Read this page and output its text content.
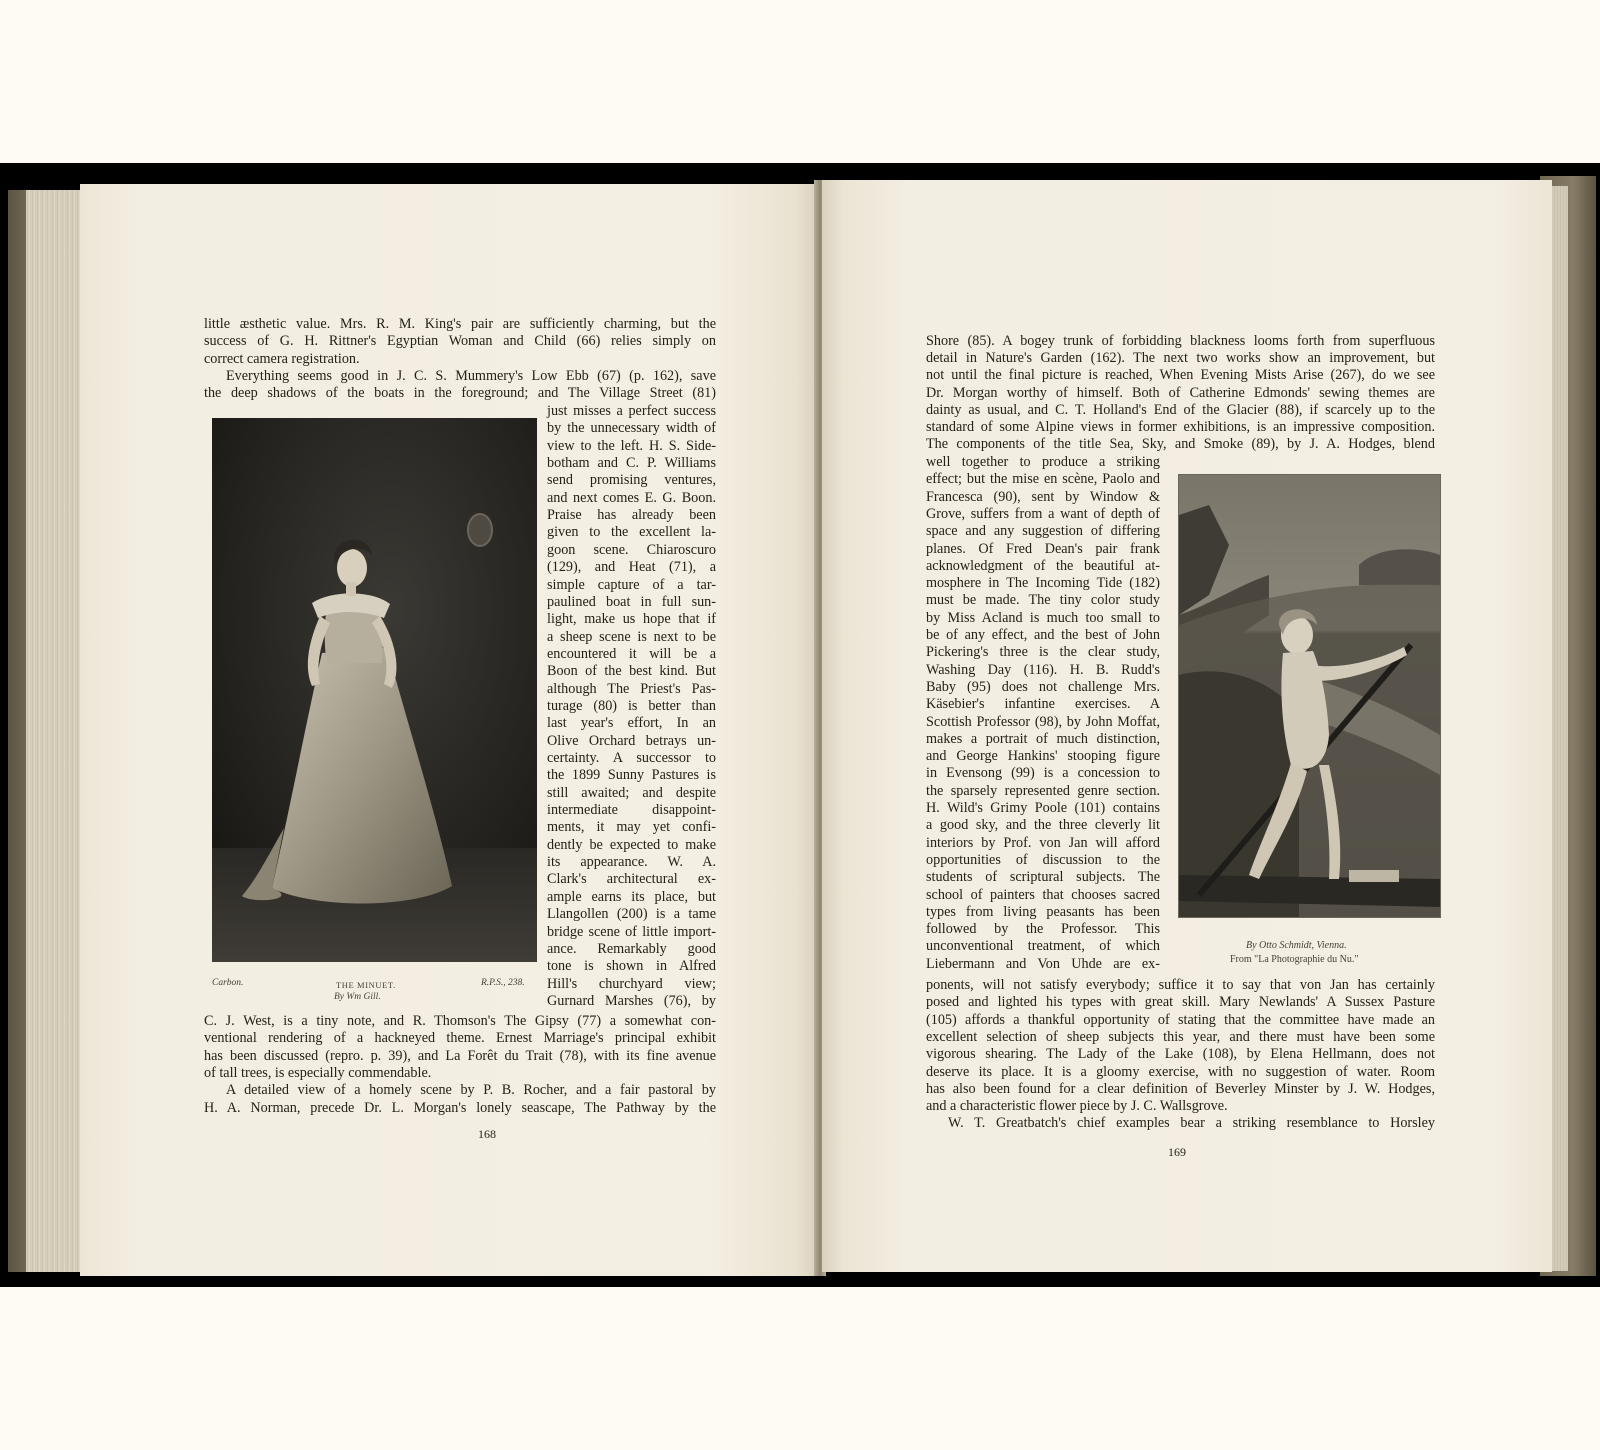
little æsthetic value. Mrs. R. M. King's pair are sufficiently charming, but the
success of G. H. Rittner's Egyptian Woman and Child (66) relies simply on
correct camera registration.
Everything seems good in J. C. S. Mummery's Low Ebb (67) (p. 162), save
the deep shadows of the boats in the foreground; and The Village Street (81)
just misses a perfect success
by the unnecessary width of
view to the left. H. S. Side-
botham and C. P. Williams
send promising ventures,
and next comes E. G. Boon.
Praise has already been
given to the excellent la-
goon scene. Chiaroscuro
(129), and Heat (71), a
simple capture of a tar-
paulined boat in full sun-
light, make us hope that if
a sheep scene is next to be
encountered it will be a
Boon of the best kind. But
although The Priest's Pas-
turage (80) is better than
last year's effort, In an
Olive Orchard betrays un-
certainty. A successor to
the 1899 Sunny Pastures is
still awaited; and despite
intermediate disappoint-
ments, it may yet confi-
dently be expected to make
its appearance. W. A.
Clark's architectural ex-
ample earns its place, but
Llangollen (200) is a tame
bridge scene of little import-
ance. Remarkably good
tone is shown in Alfred
Hill's churchyard view;
Gurnard Marshes (76), by
C. J. West, is a tiny note, and R. Thomson's The Gipsy (77) a somewhat con-
ventional rendering of a hackneyed theme. Ernest Marriage's principal exhibit
has been discussed (repro. p. 39), and La Forêt du Trait (78), with its fine avenue
of tall trees, is especially commendable.
A detailed view of a homely scene by P. B. Rocher, and a fair pastoral by
H. A. Norman, precede Dr. L. Morgan's lonely seascape, The Pathway by the
Shore (85). A bogey trunk of forbidding blackness looms forth from superfluous
detail in Nature's Garden (162). The next two works show an improvement, but
not until the final picture is reached, When Evening Mists Arise (267), do we see
Dr. Morgan worthy of himself. Both of Catherine Edmonds' sewing themes are
dainty as usual, and C. T. Holland's End of the Glacier (88), if scarcely up to the
standard of some Alpine views in former exhibitions, is an impressive composition.
The components of the title Sea, Sky, and Smoke (89), by J. A. Hodges, blend
well together to produce a striking
effect; but the mise en scène, Paolo and
Francesca (90), sent by Window &
Grove, suffers from a want of depth of
space and any suggestion of differing
planes. Of Fred Dean's pair frank
acknowledgment of the beautiful at-
mosphere in The Incoming Tide (182)
must be made. The tiny color study
by Miss Acland is much too small to
be of any effect, and the best of John
Pickering's three is the clear study,
Washing Day (116). H. B. Rudd's
Baby (95) does not challenge Mrs.
Käsebier's infantine exercises. A
Scottish Professor (98), by John Moffat,
makes a portrait of much distinction,
and George Hankins' stooping figure
in Evensong (99) is a concession to
the sparsely represented genre section.
H. Wild's Grimy Poole (101) contains
a good sky, and the three cleverly lit
interiors by Prof. von Jan will afford
opportunities of discussion to the
students of scriptural subjects. The
school of painters that chooses sacred
types from living peasants has been
followed by the Professor. This
unconventional treatment, of which
Liebermann and Von Uhde are ex-
ponents, will not satisfy everybody; suffice it to say that von Jan has certainly
posed and lighted his types with great skill. Mary Newlands' A Sussex Pasture
(105) affords a thankful opportunity of stating that the committee have made an
excellent selection of sheep subjects this year, and there must have been some
vigorous shearing. The Lady of the Lake (108), by Elena Hellmann, does not
deserve its place. It is a gloomy exercise, with no suggestion of water. Room
has also been found for a clear definition of Beverley Minster by J. W. Hodges,
and a characteristic flower piece by J. C. Wallsgrove.
W. T. Greatbatch's chief examples bear a striking resemblance to Horsley
Carbon.	THE MINUET.	R.P.S., 238.
By Wm Gill.
By Otto Schmidt, Vienna.
From "La Photographie du Nu."
168
169
